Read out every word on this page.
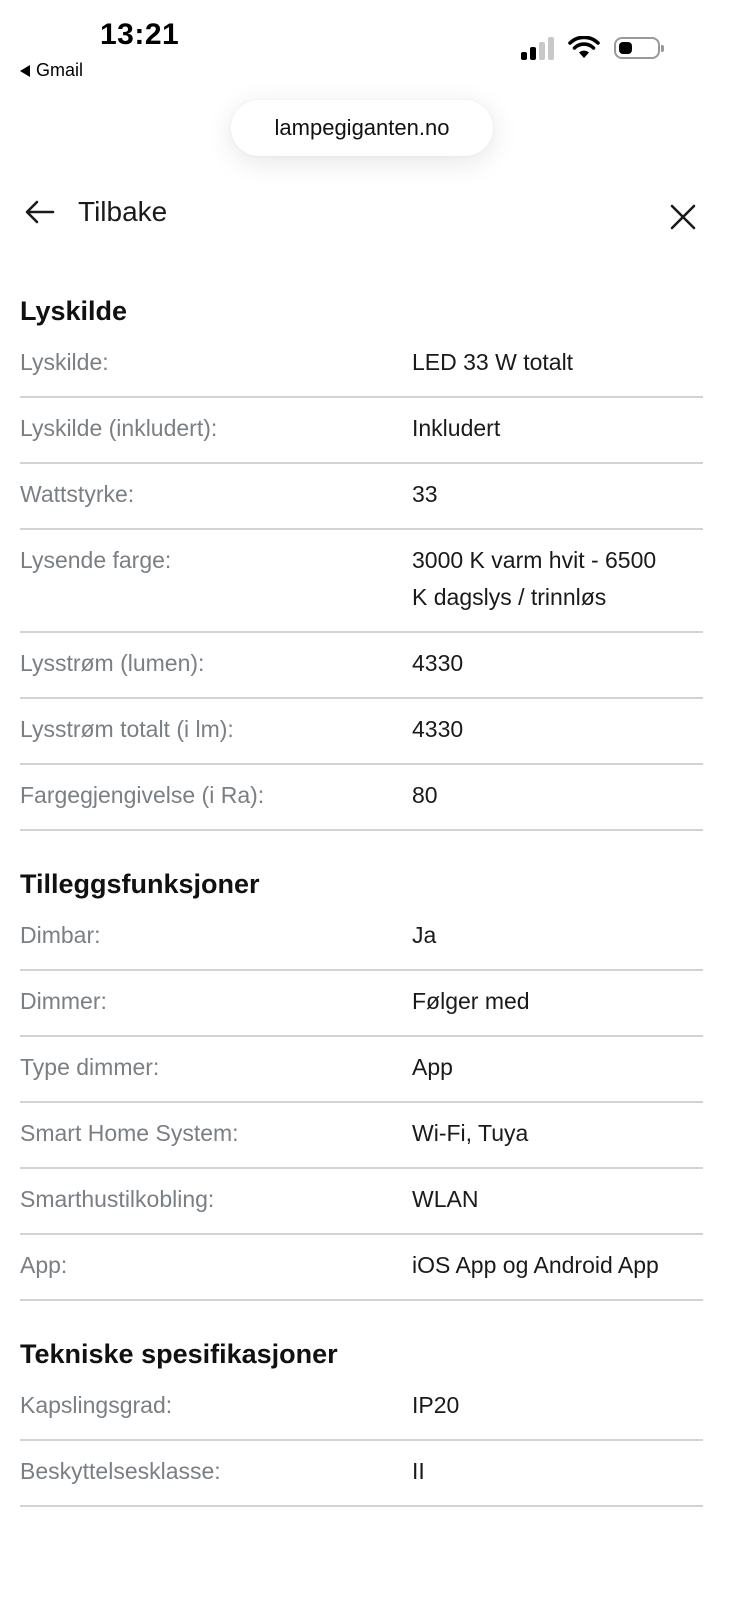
13:21
Gmail
lampegiganten.no
Tilbake
Lyskilde
Lyskilde:	LED 33 W totalt
Lyskilde (inkludert):	Inkludert
Wattstyrke:	33
Lysende farge:	3000 K varm hvit - 6500 K dagslys / trinnløs
Lysstrøm (lumen):	4330
Lysstrøm totalt (i lm):	4330
Fargegjengivelse (i Ra):	80
Tilleggsfunksjoner
Dimbar:	Ja
Dimmer:	Følger med
Type dimmer:	App
Smart Home System:	Wi-Fi, Tuya
Smarthustilkobling:	WLAN
App:	iOS App og Android App
Tekniske spesifikasjoner
Kapslingsgrad:	IP20
Beskyttelsesklasse:	II
